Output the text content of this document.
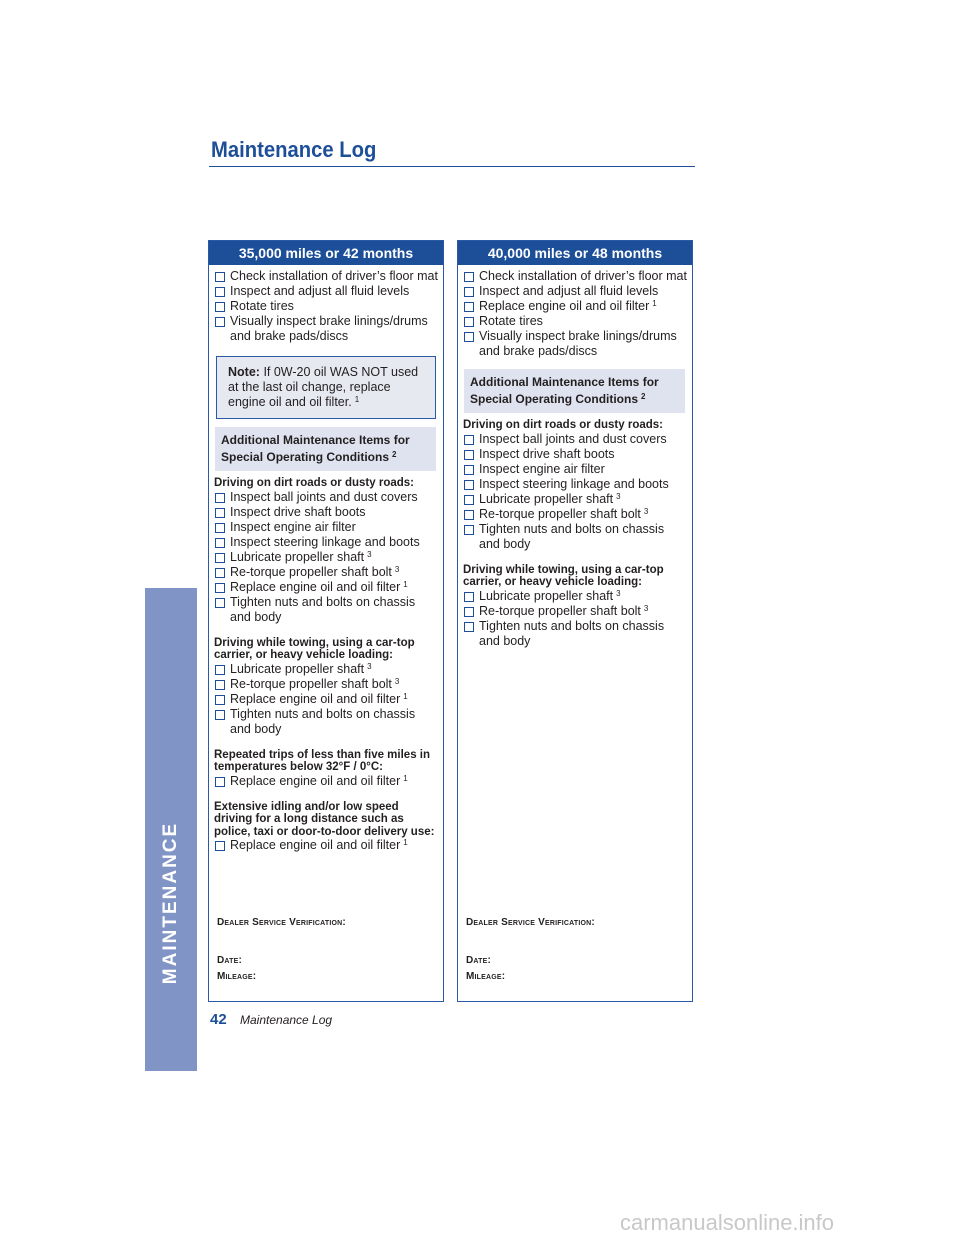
MAINTENANCE
Maintenance Log
35,000 miles or 42 months
Check installation of driver’s floor mat
Inspect and adjust all fluid levels
Rotate tires
Visually inspect brake linings/drums and brake pads/discs
Note: If 0W-20 oil WAS NOT used at the last oil change, replace engine oil and oil filter. $^1$
Additional Maintenance Items for Special Operating Conditions $^2$
Driving on dirt roads or dusty roads:
Inspect ball joints and dust covers
Inspect drive shaft boots
Inspect engine air filter
Inspect steering linkage and boots
Lubricate propeller shaft $^3$
Re-torque propeller shaft bolt $^3$
Replace engine oil and oil filter $^1$
Tighten nuts and bolts on chassis and body
Driving while towing, using a car-top carrier, or heavy vehicle loading:
Lubricate propeller shaft $^3$
Re-torque propeller shaft bolt $^3$
Replace engine oil and oil filter $^1$
Tighten nuts and bolts on chassis and body
Repeated trips of less than five miles in temperatures below 32°F / 0°C:
Replace engine oil and oil filter $^1$
Extensive idling and/or low speed driving for a long distance such as police, taxi or door-to-door delivery use:
Replace engine oil and oil filter $^1$
Dealer Service Verification:
Date:
Mileage:
40,000 miles or 48 months
Check installation of driver’s floor mat
Inspect and adjust all fluid levels
Replace engine oil and oil filter $^1$
Rotate tires
Visually inspect brake linings/drums and brake pads/discs
Additional Maintenance Items for Special Operating Conditions $^2$
Driving on dirt roads or dusty roads:
Inspect ball joints and dust covers
Inspect drive shaft boots
Inspect engine air filter
Inspect steering linkage and boots
Lubricate propeller shaft $^3$
Re-torque propeller shaft bolt $^3$
Tighten nuts and bolts on chassis and body
Driving while towing, using a car-top carrier, or heavy vehicle loading:
Lubricate propeller shaft $^3$
Re-torque propeller shaft bolt $^3$
Tighten nuts and bolts on chassis and body
Dealer Service Verification:
Date:
Mileage:
42 Maintenance Log
carmanualsonline.info
